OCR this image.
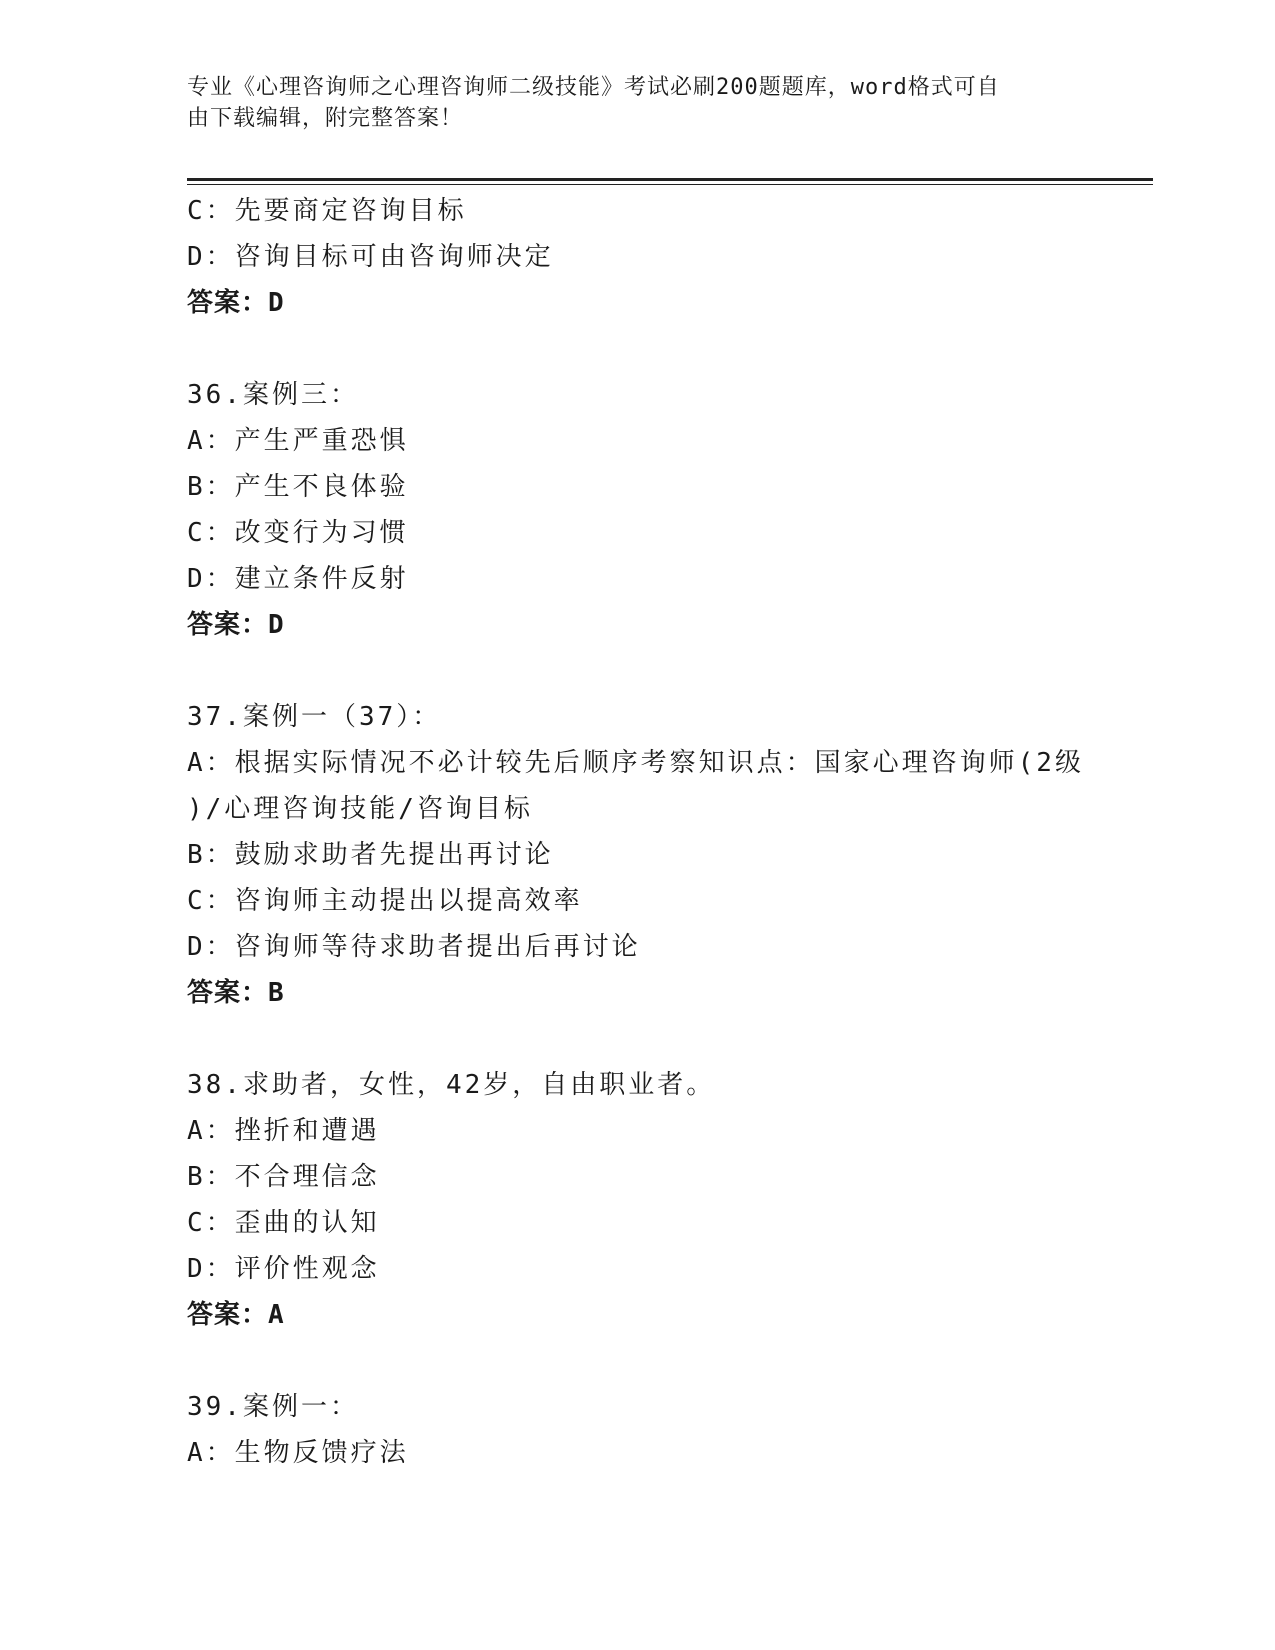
专业《心理咨询师之心理咨询师二级技能》考试必刷200题题库，word格式可自

由下载编辑，附完整答案！

C：先要商定咨询目标
D：咨询目标可由咨询师决定
答案：D
36.案例三：
A：产生严重恐惧
B：产生不良体验
C：改变行为习惯
D：建立条件反射
答案：D
37.案例一（37）：
A：根据实际情况不必计较先后顺序考察知识点：国家心理咨询师(2级
)/心理咨询技能/咨询目标
B：鼓励求助者先提出再讨论
C：咨询师主动提出以提高效率
D：咨询师等待求助者提出后再讨论
答案：B
38.求助者，女性，42岁，自由职业者。
A：挫折和遭遇
B：不合理信念
C：歪曲的认知
D：评价性观念
答案：A
39.案例一：
A：生物反馈疗法
